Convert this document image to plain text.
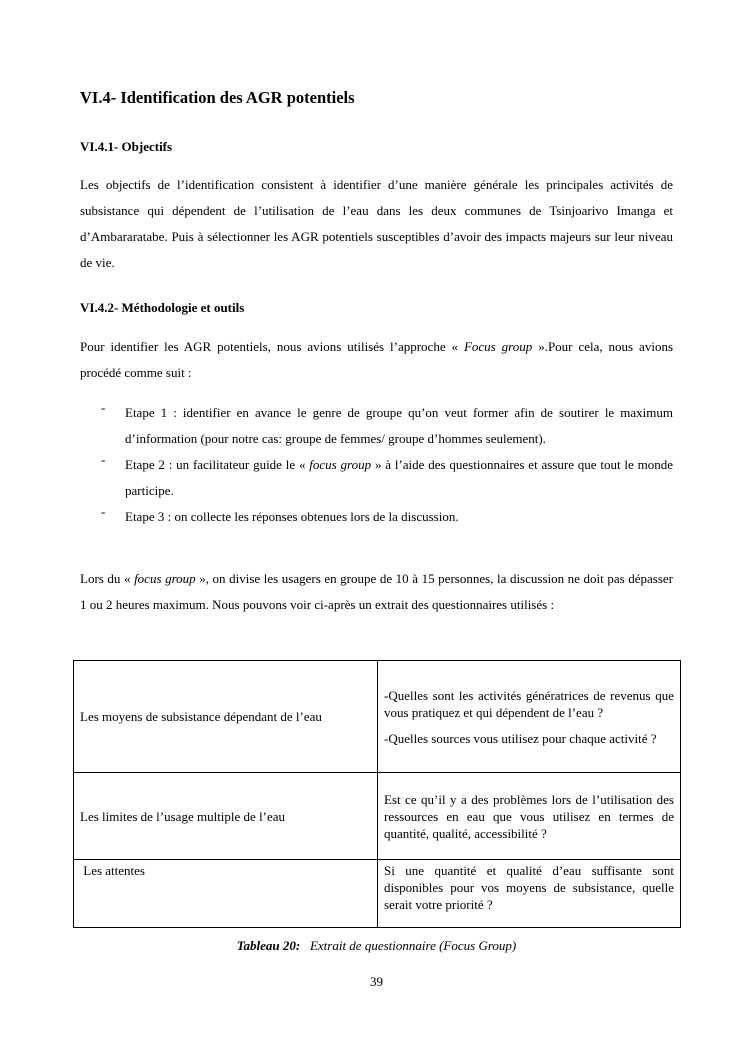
VI.4- Identification des AGR potentiels
VI.4.1- Objectifs

Les objectifs de l’identification consistent à identifier d’une manière générale les principales activités de subsistance qui dépendent de l’utilisation de l’eau dans les deux communes de Tsinjoarivo Imanga et d’Ambararatabe. Puis à sélectionner les AGR potentiels susceptibles d’avoir des impacts majeurs sur leur niveau de vie.

VI.4.2- Méthodologie et outils

Pour identifier les AGR potentiels, nous avions utilisés l’approche « Focus group ».Pour cela, nous avions procédé comme suit :

- Etape 1 : identifier en avance le genre de groupe qu’on veut former afin de soutirer le maximum d’information (pour notre cas: groupe de femmes/ groupe d’hommes seulement).
- Etape 2 : un facilitateur guide le « focus group » à l’aide des questionnaires et assure que tout le monde participe.
- Etape 3 : on collecte les réponses obtenues lors de la discussion.

Lors du « focus group », on divise les usagers en groupe de 10 à 15 personnes, la discussion ne doit pas dépasser 1 ou 2 heures maximum. Nous pouvons voir ci-après un extrait des questionnaires utilisés :

Les moyens de subsistance dépendant de l’eau	-Quelles sont les activités génératrices de revenus que vous pratiquez et qui dépendent de l’eau ?

-Quelles sources vous utilisez pour chaque activité ?

Les limites de l’usage multiple de l’eau	Est ce qu’il y a des problèmes lors de l’utilisation des ressources en eau que vous utilisez en termes de quantité, qualité, accessibilité ?

Les attentes	Si une quantité et qualité d’eau suffisante sont disponibles pour vos moyens de subsistance, quelle serait votre priorité ?

Tableau 20: Extrait de questionnaire (Focus Group)
39
